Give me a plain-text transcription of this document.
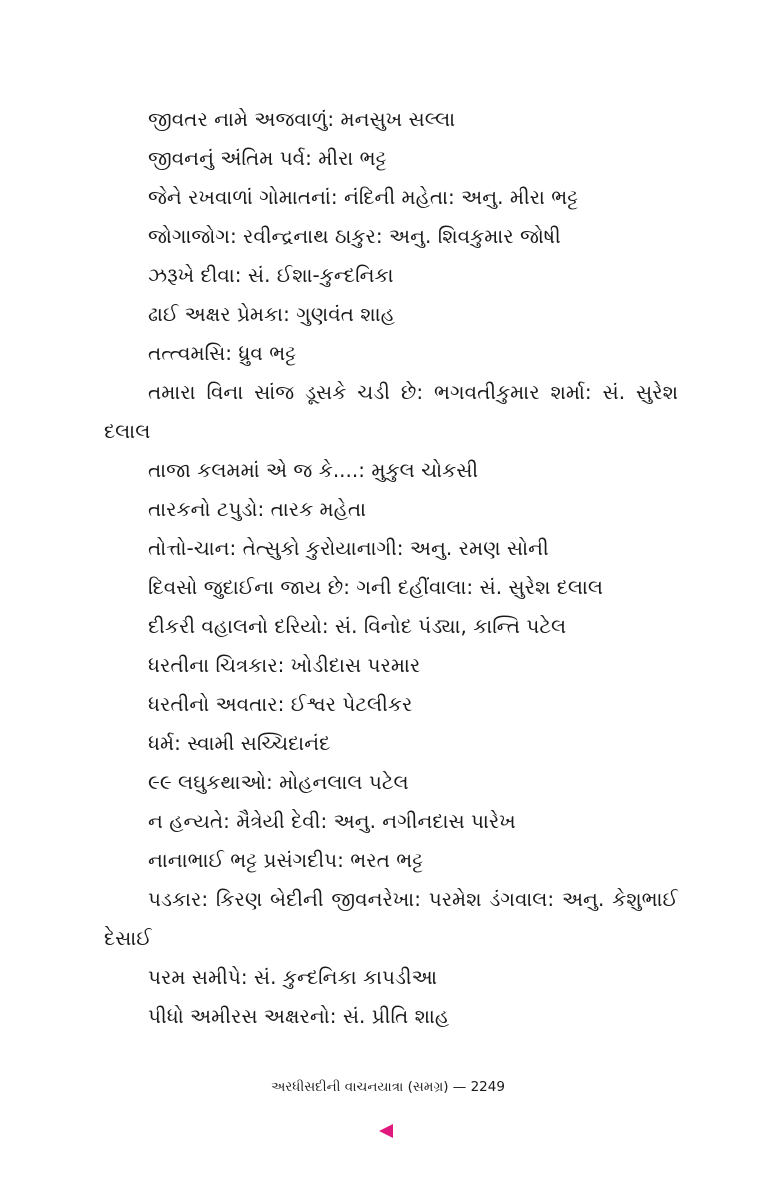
જીવતર નામે અજવાળું: મનસુખ સલ્લા
જીવનનું અંતિમ પર્વ: મીરા ભટ્ટ
જેને રખવાળાં ગોમાતનાં: નંદિની મહેતા: અનુ. મીરા ભટ્ટ
જોગાજોગ: રવીન્દ્રનાથ ઠાકુર: અનુ. શિવકુમાર જોષી
ઝરૂખે દીવા: સં. ઈશા-કુન્દનિકા
ઢાઈ અક્ષર પ્રેમકા: ગુણવંત શાહ
તત્ત્વમસિ: ધ્રુવ ભટ્ટ
તમારા વિના સાંજ ડૂસકે ચડી છે: ભગવતીકુમાર શર્મા: સં. સુરેશ દલાલ
તાજા કલમમાં એ જ કે....: મુકુલ ચોકસી
તારકનો ટપુડો: તારક મહેતા
તોત્તો-ચાન: તેત્સુકો કુરોયાનાગી: અનુ. રમણ સોની
દિવસો જુદાઈના જાય છે: ગની દહીંવાલા: સં. સુરેશ દલાલ
દીકરી વહાલનો દરિયો: સં. વિનોદ પંડ્યા, કાન્તિ પટેલ
ધરતીના ચિત્રકાર: ખોડીદાસ પરમાર
ધરતીનો અવતાર: ઈશ્વર પેટલીકર
ધર્મ: સ્વામી સચ્ચિદાનંદ
૯૯ લઘુકથાઓ: મોહનલાલ પટેલ
ન હન્યતે: મૈત્રેયી દેવી: અનુ. નગીનદાસ પારેખ
નાનાભાઈ ભટ્ટ પ્રસંગદીપ: ભરત ભટ્ટ
પડકાર: કિરણ બેદીની જીવનરેખા: પરમેશ ડંગવાલ: અનુ. કેશુભાઈ દેસાઈ
પરમ સમીપે: સં. કુન્દનિકા કાપડીઆ
પીધો અમીરસ અક્ષરનો: સં. પ્રીતિ શાહ
અરધીસદીની વાચનયાત્રા (સમગ્ર) — 2249
